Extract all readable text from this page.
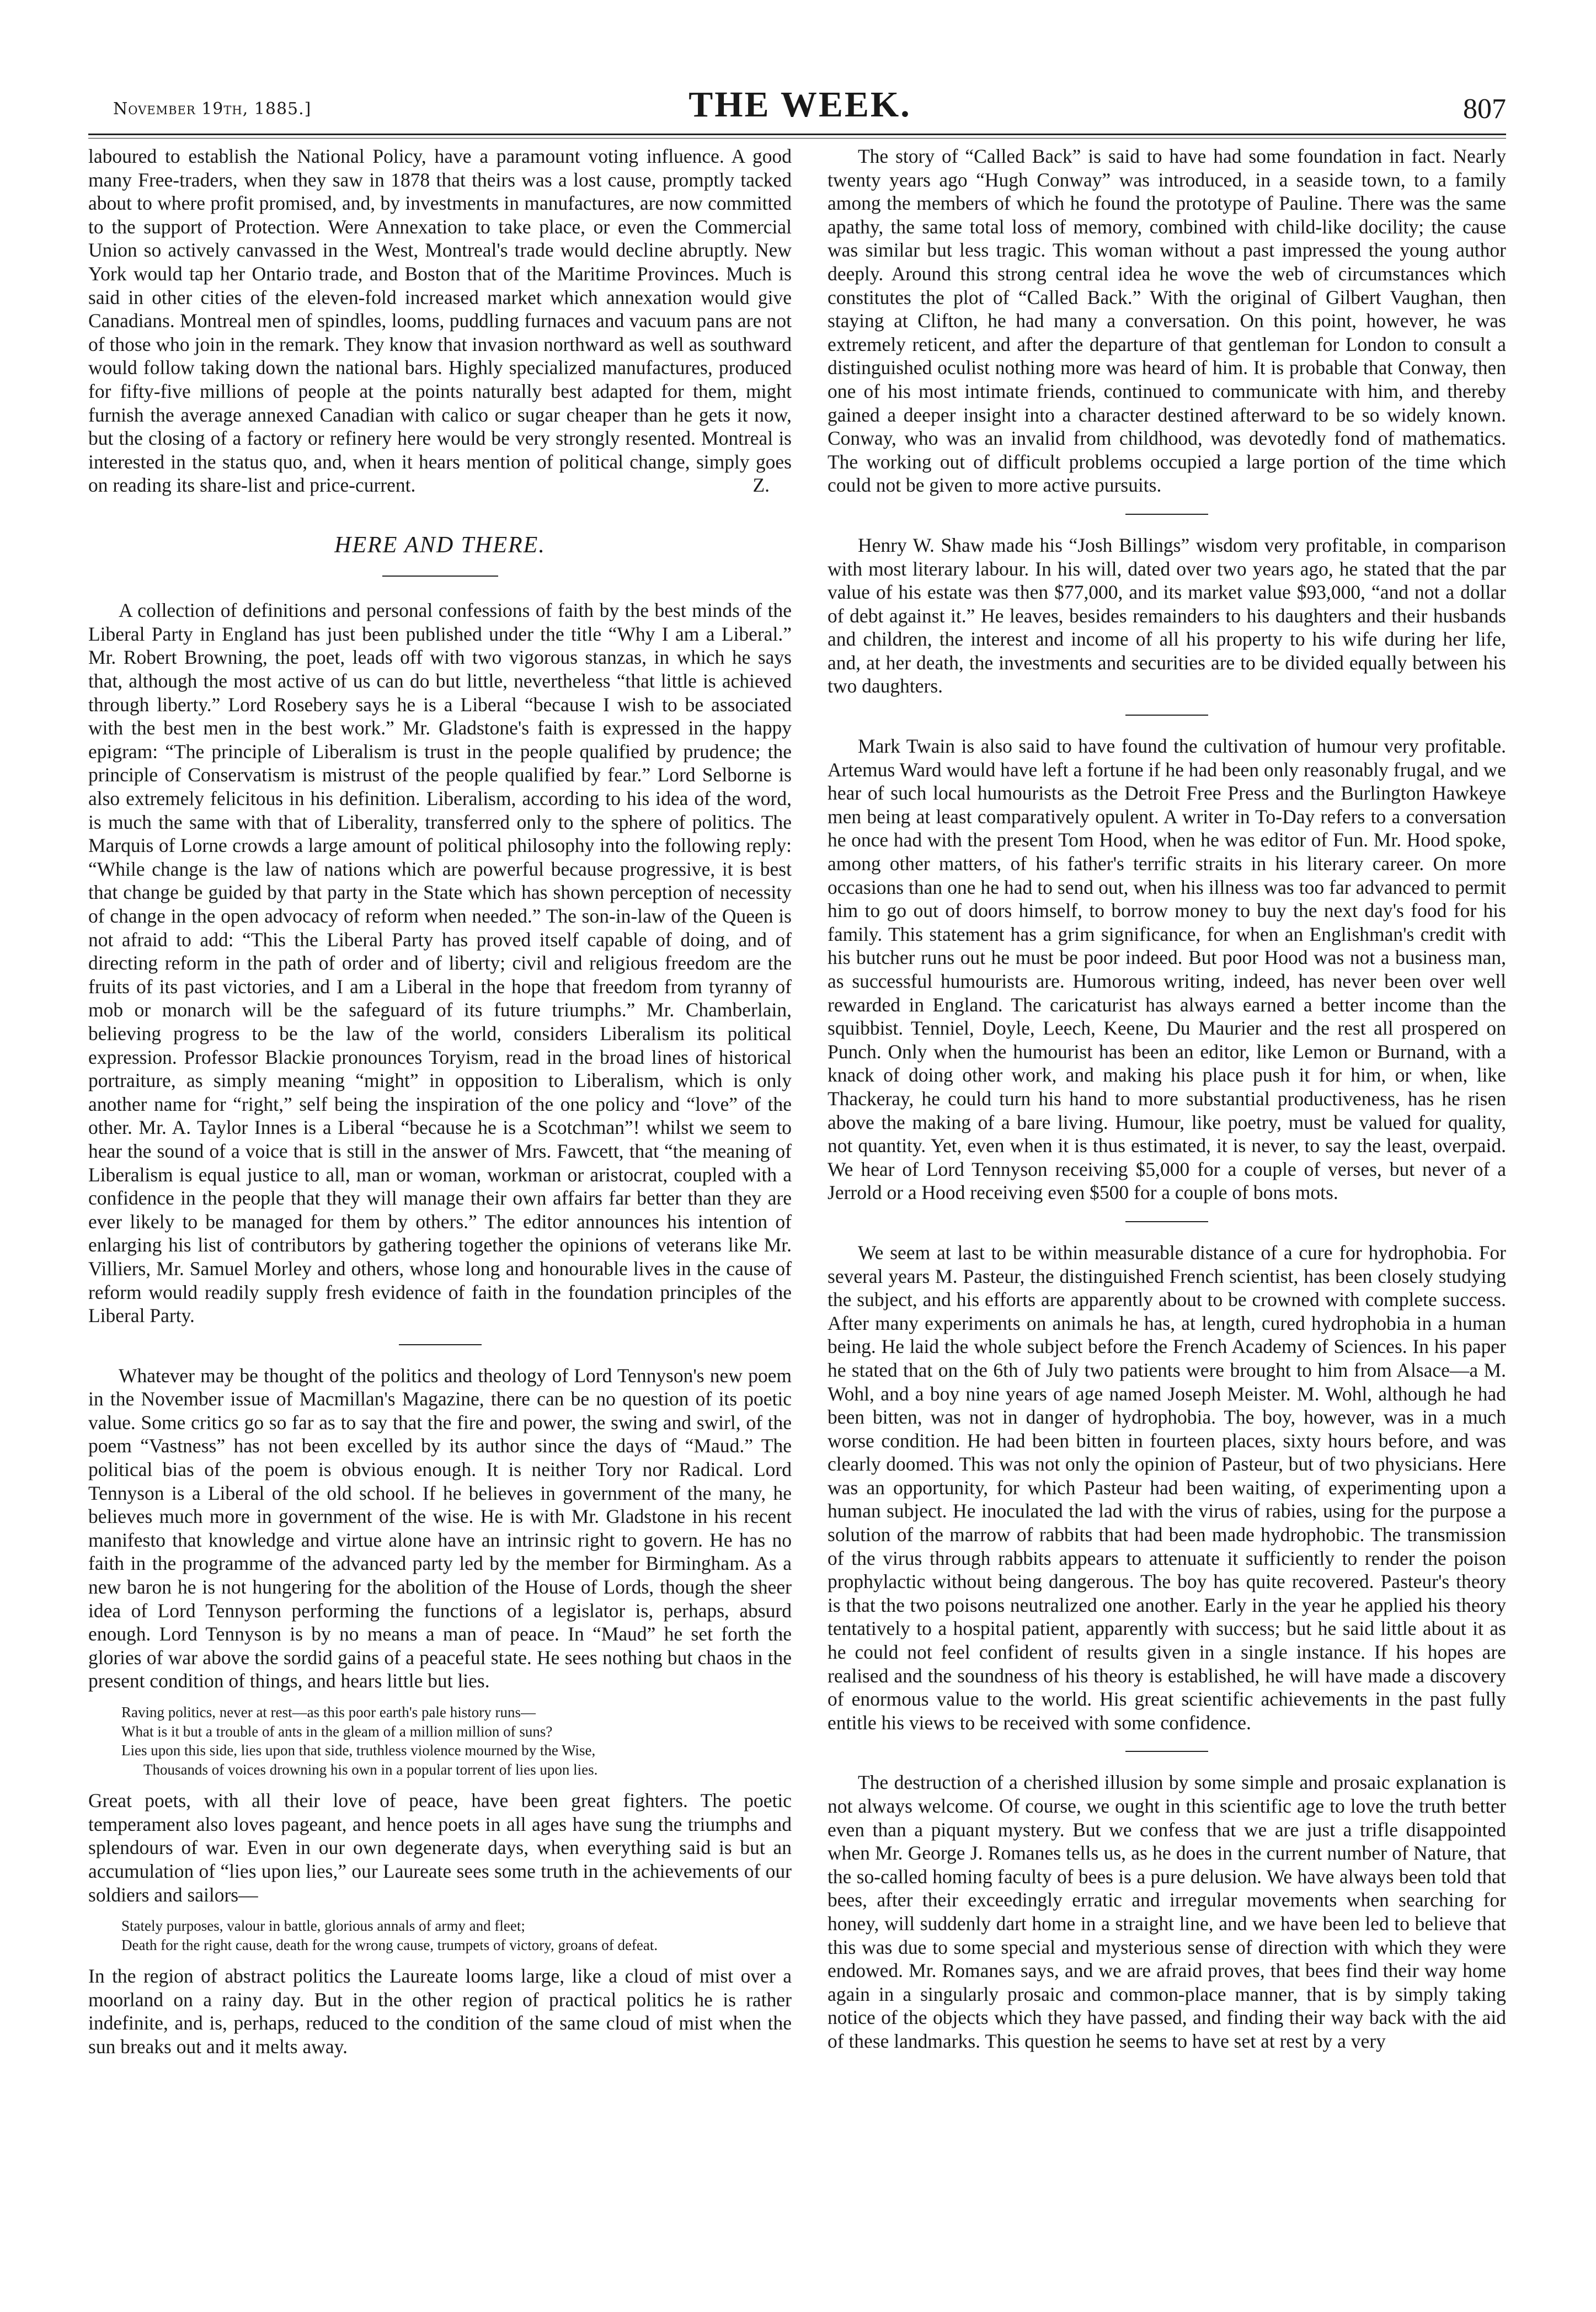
November 19th, 1885.]	THE WEEK.	807

laboured to establish the National Policy, have a paramount voting influence. A good many Free-traders, when they saw in 1878 that theirs was a lost cause, promptly tacked about to where profit promised, and, by investments in manufactures, are now committed to the support of Protection. Were Annexation to take place, or even the Commercial Union so actively canvassed in the West, Montreal's trade would decline abruptly. New York would tap her Ontario trade, and Boston that of the Maritime Provinces. Much is said in other cities of the eleven-fold increased market which annexation would give Canadians. Montreal men of spindles, looms, puddling furnaces and vacuum pans are not of those who join in the remark. They know that invasion northward as well as southward would follow taking down the national bars. Highly specialized manufactures, produced for fifty-five millions of people at the points naturally best adapted for them, might furnish the average annexed Canadian with calico or sugar cheaper than he gets it now, but the closing of a factory or refinery here would be very strongly resented. Montreal is interested in the status quo, and, when it hears mention of political change, simply goes on reading its share-list and price-current.	Z.

HERE AND THERE.

A collection of definitions and personal confessions of faith by the best minds of the Liberal Party in England has just been published under the title “Why I am a Liberal.” Mr. Robert Browning, the poet, leads off with two vigorous stanzas, in which he says that, although the most active of us can do but little, nevertheless “that little is achieved through liberty.” Lord Rosebery says he is a Liberal “because I wish to be associated with the best men in the best work.” Mr. Gladstone's faith is expressed in the happy epigram: “The principle of Liberalism is trust in the people qualified by prudence; the principle of Conservatism is mistrust of the people qualified by fear.” Lord Selborne is also extremely felicitous in his definition. Liberalism, according to his idea of the word, is much the same with that of Liberality, transferred only to the sphere of politics. The Marquis of Lorne crowds a large amount of political philosophy into the following reply: “While change is the law of nations which are powerful because progressive, it is best that change be guided by that party in the State which has shown perception of necessity of change in the open advocacy of reform when needed.” The son-in-law of the Queen is not afraid to add: “This the Liberal Party has proved itself capable of doing, and of directing reform in the path of order and of liberty; civil and religious freedom are the fruits of its past victories, and I am a Liberal in the hope that freedom from tyranny of mob or monarch will be the safeguard of its future triumphs.” Mr. Chamberlain, believing progress to be the law of the world, considers Liberalism its political expression. Professor Blackie pronounces Toryism, read in the broad lines of historical portraiture, as simply meaning “might” in opposition to Liberalism, which is only another name for “right,” self being the inspiration of the one policy and “love” of the other. Mr. A. Taylor Innes is a Liberal “because he is a Scotchman”! whilst we seem to hear the sound of a voice that is still in the answer of Mrs. Fawcett, that “the meaning of Liberalism is equal justice to all, man or woman, workman or aristocrat, coupled with a confidence in the people that they will manage their own affairs far better than they are ever likely to be managed for them by others.” The editor announces his intention of enlarging his list of contributors by gathering together the opinions of veterans like Mr. Villiers, Mr. Samuel Morley and others, whose long and honourable lives in the cause of reform would readily supply fresh evidence of faith in the foundation principles of the Liberal Party.

Whatever may be thought of the politics and theology of Lord Tennyson's new poem in the November issue of Macmillan's Magazine, there can be no question of its poetic value. Some critics go so far as to say that the fire and power, the swing and swirl, of the poem “Vastness” has not been excelled by its author since the days of “Maud.” The political bias of the poem is obvious enough. It is neither Tory nor Radical. Lord Tennyson is a Liberal of the old school. If he believes in government of the many, he believes much more in government of the wise. He is with Mr. Gladstone in his recent manifesto that knowledge and virtue alone have an intrinsic right to govern. He has no faith in the programme of the advanced party led by the member for Birmingham. As a new baron he is not hungering for the abolition of the House of Lords, though the sheer idea of Lord Tennyson performing the functions of a legislator is, perhaps, absurd enough. Lord Tennyson is by no means a man of peace. In “Maud” he set forth the glories of war above the sordid gains of a peaceful state. He sees nothing but chaos in the present condition of things, and hears little but lies.

Raving politics, never at rest—as this poor earth's pale history runs—
What is it but a trouble of ants in the gleam of a million million of suns?
Lies upon this side, lies upon that side, truthless violence mourned by the Wise,
Thousands of voices drowning his own in a popular torrent of lies upon lies.

Great poets, with all their love of peace, have been great fighters. The poetic temperament also loves pageant, and hence poets in all ages have sung the triumphs and splendours of war. Even in our own degenerate days, when everything said is but an accumulation of “lies upon lies,” our Laureate sees some truth in the achievements of our soldiers and sailors—

Stately purposes, valour in battle, glorious annals of army and fleet;
Death for the right cause, death for the wrong cause, trumpets of victory, groans of defeat.

In the region of abstract politics the Laureate looms large, like a cloud of mist over a moorland on a rainy day. But in the other region of practical politics he is rather indefinite, and is, perhaps, reduced to the condition of the same cloud of mist when the sun breaks out and it melts away.

The story of “Called Back” is said to have had some foundation in fact. Nearly twenty years ago “Hugh Conway” was introduced, in a seaside town, to a family among the members of which he found the prototype of Pauline. There was the same apathy, the same total loss of memory, combined with child-like docility; the cause was similar but less tragic. This woman without a past impressed the young author deeply. Around this strong central idea he wove the web of circumstances which constitutes the plot of “Called Back.” With the original of Gilbert Vaughan, then staying at Clifton, he had many a conversation. On this point, however, he was extremely reticent, and after the departure of that gentleman for London to consult a distinguished oculist nothing more was heard of him. It is probable that Conway, then one of his most intimate friends, continued to communicate with him, and thereby gained a deeper insight into a character destined afterward to be so widely known. Conway, who was an invalid from childhood, was devotedly fond of mathematics. The working out of difficult problems occupied a large portion of the time which could not be given to more active pursuits.

Henry W. Shaw made his “Josh Billings” wisdom very profitable, in comparison with most literary labour. In his will, dated over two years ago, he stated that the par value of his estate was then $77,000, and its market value $93,000, “and not a dollar of debt against it.” He leaves, besides remainders to his daughters and their husbands and children, the interest and income of all his property to his wife during her life, and, at her death, the investments and securities are to be divided equally between his two daughters.

Mark Twain is also said to have found the cultivation of humour very profitable. Artemus Ward would have left a fortune if he had been only reasonably frugal, and we hear of such local humourists as the Detroit Free Press and the Burlington Hawkeye men being at least comparatively opulent. A writer in To-Day refers to a conversation he once had with the present Tom Hood, when he was editor of Fun. Mr. Hood spoke, among other matters, of his father's terrific straits in his literary career. On more occasions than one he had to send out, when his illness was too far advanced to permit him to go out of doors himself, to borrow money to buy the next day's food for his family. This statement has a grim significance, for when an Englishman's credit with his butcher runs out he must be poor indeed. But poor Hood was not a business man, as successful humourists are. Humorous writing, indeed, has never been over well rewarded in England. The caricaturist has always earned a better income than the squibbist. Tenniel, Doyle, Leech, Keene, Du Maurier and the rest all prospered on Punch. Only when the humourist has been an editor, like Lemon or Burnand, with a knack of doing other work, and making his place push it for him, or when, like Thackeray, he could turn his hand to more substantial productiveness, has he risen above the making of a bare living. Humour, like poetry, must be valued for quality, not quantity. Yet, even when it is thus estimated, it is never, to say the least, overpaid. We hear of Lord Tennyson receiving $5,000 for a couple of verses, but never of a Jerrold or a Hood receiving even $500 for a couple of bons mots.

We seem at last to be within measurable distance of a cure for hydrophobia. For several years M. Pasteur, the distinguished French scientist, has been closely studying the subject, and his efforts are apparently about to be crowned with complete success. After many experiments on animals he has, at length, cured hydrophobia in a human being. He laid the whole subject before the French Academy of Sciences. In his paper he stated that on the 6th of July two patients were brought to him from Alsace—a M. Wohl, and a boy nine years of age named Joseph Meister. M. Wohl, although he had been bitten, was not in danger of hydrophobia. The boy, however, was in a much worse condition. He had been bitten in fourteen places, sixty hours before, and was clearly doomed. This was not only the opinion of Pasteur, but of two physicians. Here was an opportunity, for which Pasteur had been waiting, of experimenting upon a human subject. He inoculated the lad with the virus of rabies, using for the purpose a solution of the marrow of rabbits that had been made hydrophobic. The transmission of the virus through rabbits appears to attenuate it sufficiently to render the poison prophylactic without being dangerous. The boy has quite recovered. Pasteur's theory is that the two poisons neutralized one another. Early in the year he applied his theory tentatively to a hospital patient, apparently with success; but he said little about it as he could not feel confident of results given in a single instance. If his hopes are realised and the soundness of his theory is established, he will have made a discovery of enormous value to the world. His great scientific achievements in the past fully entitle his views to be received with some confidence.

The destruction of a cherished illusion by some simple and prosaic explanation is not always welcome. Of course, we ought in this scientific age to love the truth better even than a piquant mystery. But we confess that we are just a trifle disappointed when Mr. George J. Romanes tells us, as he does in the current number of Nature, that the so-called homing faculty of bees is a pure delusion. We have always been told that bees, after their exceedingly erratic and irregular movements when searching for honey, will suddenly dart home in a straight line, and we have been led to believe that this was due to some special and mysterious sense of direction with which they were endowed. Mr. Romanes says, and we are afraid proves, that bees find their way home again in a singularly prosaic and common-place manner, that is by simply taking notice of the objects which they have passed, and finding their way back with the aid of these landmarks. This question he seems to have set at rest by a very
